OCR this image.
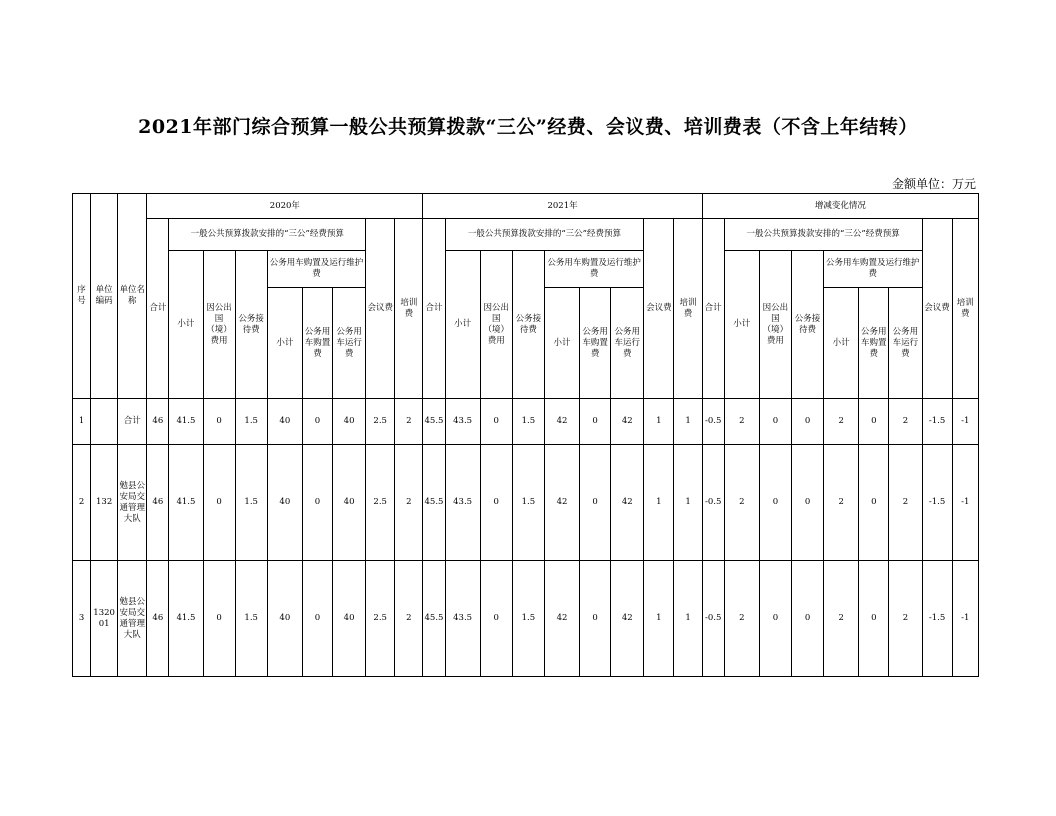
2021年部门综合预算一般公共预算拨款“三公”经费、会议费、培训费表（不含上年结转）
金额单位：万元
序号	单位编码	单位名称	2020年									2021年									增减变化情况								
			合计	一般公共预算拨款安排的“三公”经费预算						会议费	培训费	合计	一般公共预算拨款安排的“三公”经费预算						会议费	培训费	合计	一般公共预算拨款安排的“三公”经费预算						会议费	培训费
				小计	因公出国（境）费用	公务接待费	公务用车购置及运行维护费						小计	因公出国（境）费用	公务接待费	公务用车购置及运行维护费						小计	因公出国（境）费用	公务接待费	公务用车购置及运行维护费				
							小计	公务用车购置费	公务用车运行费							小计	公务用车购置费	公务用车运行费							小计	公务用车购置费	公务用车运行费		
1		合计	46	41.5	0	1.5	40	0	40	2.5	2	45.5	43.5	0	1.5	42	0	42	1	1	-0.5	2	0	0	2	0	2	-1.5	-1
2	132	勉县公安局交通管理大队	46	41.5	0	1.5	40	0	40	2.5	2	45.5	43.5	0	1.5	42	0	42	1	1	-0.5	2	0	0	2	0	2	-1.5	-1
3	132001	勉县公安局交通管理大队	46	41.5	0	1.5	40	0	40	2.5	2	45.5	43.5	0	1.5	42	0	42	1	1	-0.5	2	0	0	2	0	2	-1.5	-1
